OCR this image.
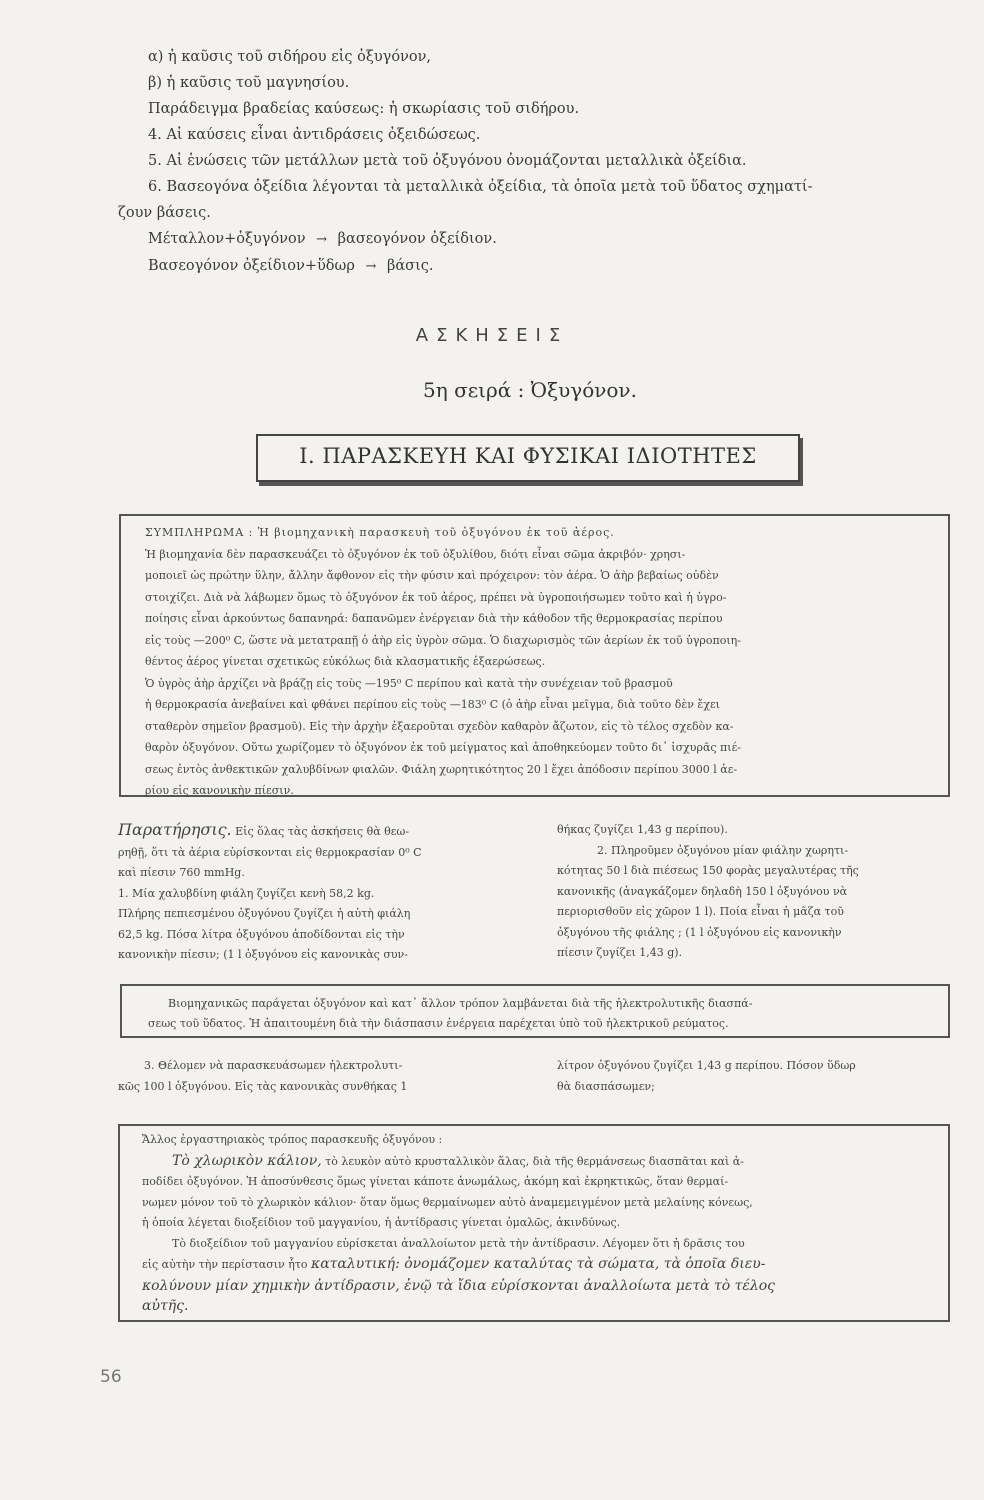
α) ἡ καῦσις τοῦ σιδήρου εἰς ὀξυγόνον,
β) ἡ καῦσις τοῦ μαγνησίου.
Παράδειγμα βραδείας καύσεως: ἡ σκωρίασις τοῦ σιδήρου.
4. Αἱ καύσεις εἶναι ἀντιδράσεις ὀξειδώσεως.
5. Αἱ ἑνώσεις τῶν μετάλλων μετὰ τοῦ ὀξυγόνου ὀνομάζονται μεταλλικὰ ὀξείδια.
6. Βασεογόνα ὀξείδια λέγονται τὰ μεταλλικὰ ὀξείδια, τὰ ὁποῖα μετὰ τοῦ ὕδατος σχηματί-
ζουν βάσεις.
Μέταλλον+ὀξυγόνον → βασεογόνον ὀξείδιον.
Βασεογόνον ὀξείδιον+ὕδωρ → βάσις.
ΑΣΚΗΣΕΙΣ
5η σειρά : Ὀξυγόνον.
I. ΠΑΡΑΣΚΕΥΗ ΚΑΙ ΦΥΣΙΚΑΙ ΙΔΙΟΤΗΤΕΣ
ΣΥΜΠΛΗΡΩΜΑ : Ἡ βιομηχανικὴ παρασκευὴ τοῦ ὀξυγόνου ἐκ τοῦ ἀέρος.
Ἡ βιομηχανία δὲν παρασκευάζει τὸ ὀξυγόνον ἐκ τοῦ ὀξυλίθου, διότι εἶναι σῶμα ἀκριβόν· χρησι-
μοποιεῖ ὡς πρώτην ὕλην, ἄλλην ἄφθονον εἰς τὴν φύσιν καὶ πρόχειρον: τὸν ἀέρα. Ὁ ἀὴρ βεβαίως οὐδὲν
στοιχίζει. Διὰ νὰ λάβωμεν ὅμως τὸ ὀξυγόνον ἐκ τοῦ ἀέρος, πρέπει νὰ ὑγροποιήσωμεν τοῦτο καὶ ἡ ὑγρο-
ποίησις εἶναι ἀρκούντως δαπανηρά: δαπανῶμεν ἐνέργειαν διὰ τὴν κάθοδον τῆς θερμοκρασίας περίπου
εἰς τοὺς —200⁰ C, ὥστε νὰ μετατραπῇ ὁ ἀὴρ εἰς ὑγρὸν σῶμα. Ὁ διαχωρισμὸς τῶν ἀερίων ἐκ τοῦ ὑγροποιη-
θέντος ἀέρος γίνεται σχετικῶς εὐκόλως διὰ κλασματικῆς ἐξαερώσεως.
Ὁ ὑγρὸς ἀὴρ ἀρχίζει νὰ βράζῃ εἰς τοὺς —195⁰ C περίπου καὶ κατὰ τὴν συνέχειαν τοῦ βρασμοῦ
ἡ θερμοκρασία ἀνεβαίνει καὶ φθάνει περίπου εἰς τοὺς —183⁰ C (ὁ ἀὴρ εἶναι μεῖγμα, διὰ τοῦτο δὲν ἔχει
σταθερὸν σημεῖον βρασμοῦ). Εἰς τὴν ἀρχὴν ἐξαεροῦται σχεδὸν καθαρὸν ἄζωτον, εἰς τὸ τέλος σχεδὸν κα-
θαρὸν ὀξυγόνον. Οὕτω χωρίζομεν τὸ ὀξυγόνον ἐκ τοῦ μείγματος καὶ ἀποθηκεύομεν τοῦτο δι᾽ ἰσχυρᾶς πιέ-
σεως ἐντὸς ἀνθεκτικῶν χαλυβδίνων φιαλῶν. Φιάλη χωρητικότητος 20 l ἔχει ἀπόδοσιν περίπου 3000 l ἀε-
ρίου εἰς κανονικὴν πίεσιν.
Παρατήρησις. Εἰς ὅλας τὰς ἀσκήσεις θὰ θεω-
ρηθῇ, ὅτι τὰ ἀέρια εὑρίσκονται εἰς θερμοκρασίαν 0⁰ C
καὶ πίεσιν 760 mmHg.
1. Μία χαλυβδίνη φιάλη ζυγίζει κενὴ 58,2 kg.
Πλήρης πεπιεσμένου ὀξυγόνου ζυγίζει ἡ αὐτὴ φιάλη
62,5 kg. Πόσα λίτρα ὀξυγόνου ἀποδίδονται εἰς τὴν
κανονικὴν πίεσιν; (1 l ὀξυγόνου εἰς κανονικὰς συν-
θήκας ζυγίζει 1,43 g περίπου).
2. Πληροῦμεν ὀξυγόνου μίαν φιάλην χωρητι-
κότητας 50 l διὰ πιέσεως 150 φορὰς μεγαλυτέρας τῆς
κανονικῆς (ἀναγκάζομεν δηλαδὴ 150 l ὀξυγόνου νὰ
περιορισθοῦν εἰς χῶρον 1 l). Ποία εἶναι ἡ μᾶζα τοῦ
ὀξυγόνου τῆς φιάλης ; (1 l ὀξυγόνου εἰς κανονικὴν
πίεσιν ζυγίζει 1,43 g).
Βιομηχανικῶς παράγεται ὀξυγόνον καὶ κατ᾽ ἄλλον τρόπον λαμβάνεται διὰ τῆς ἠλεκτρολυτικῆς διασπά-
σεως τοῦ ὕδατος. Ἡ ἀπαιτουμένη διὰ τὴν διάσπασιν ἐνέργεια παρέχεται ὑπὸ τοῦ ἠλεκτρικοῦ ρεύματος.
3. Θέλομεν νὰ παρασκευάσωμεν ἠλεκτρολυτι-
κῶς 100 l ὀξυγόνου. Εἰς τὰς κανονικὰς συνθήκας 1
λίτρον ὀξυγόνου ζυγίζει 1,43 g περίπου. Πόσον ὕδωρ
θὰ διασπάσωμεν;
Ἄλλος ἐργαστηριακὸς τρόπος παρασκευῆς ὀξυγόνου :
Τὸ χλωρικὸν κάλιον, τὸ λευκὸν αὐτὸ κρυσταλλικὸν ἅλας, διὰ τῆς θερμάνσεως διασπᾶται καὶ ἀ-
ποδίδει ὀξυγόνον. Ἡ ἀποσύνθεσις ὅμως γίνεται κάποτε ἀνωμάλως, ἀκόμη καὶ ἐκρηκτικῶς, ὅταν θερμαί-
νωμεν μόνον τοῦ τὸ χλωρικὸν κάλιον· ὅταν ὅμως θερμαίνωμεν αὐτὸ ἀναμεμειγμένον μετὰ μελαίνης κόνεως,
ἡ ὁποία λέγεται διοξείδιον τοῦ μαγγανίου, ἡ ἀντίδρασις γίνεται ὁμαλῶς, ἀκινδύνως.
Τὸ διοξείδιον τοῦ μαγγανίου εὑρίσκεται ἀναλλοίωτον μετὰ τὴν ἀντίδρασιν. Λέγομεν ὅτι ἡ δρᾶσις του
εἰς αὐτὴν τὴν περίστασιν ἦτο καταλυτική: ὀνομάζομεν καταλύτας τὰ σώματα, τὰ ὁποῖα διευ-
κολύνουν μίαν χημικὴν ἀντίδρασιν, ἐνῷ τὰ ἴδια εὑρίσκονται ἀναλλοίωτα μετὰ τὸ τέλος
αὐτῆς.
56
